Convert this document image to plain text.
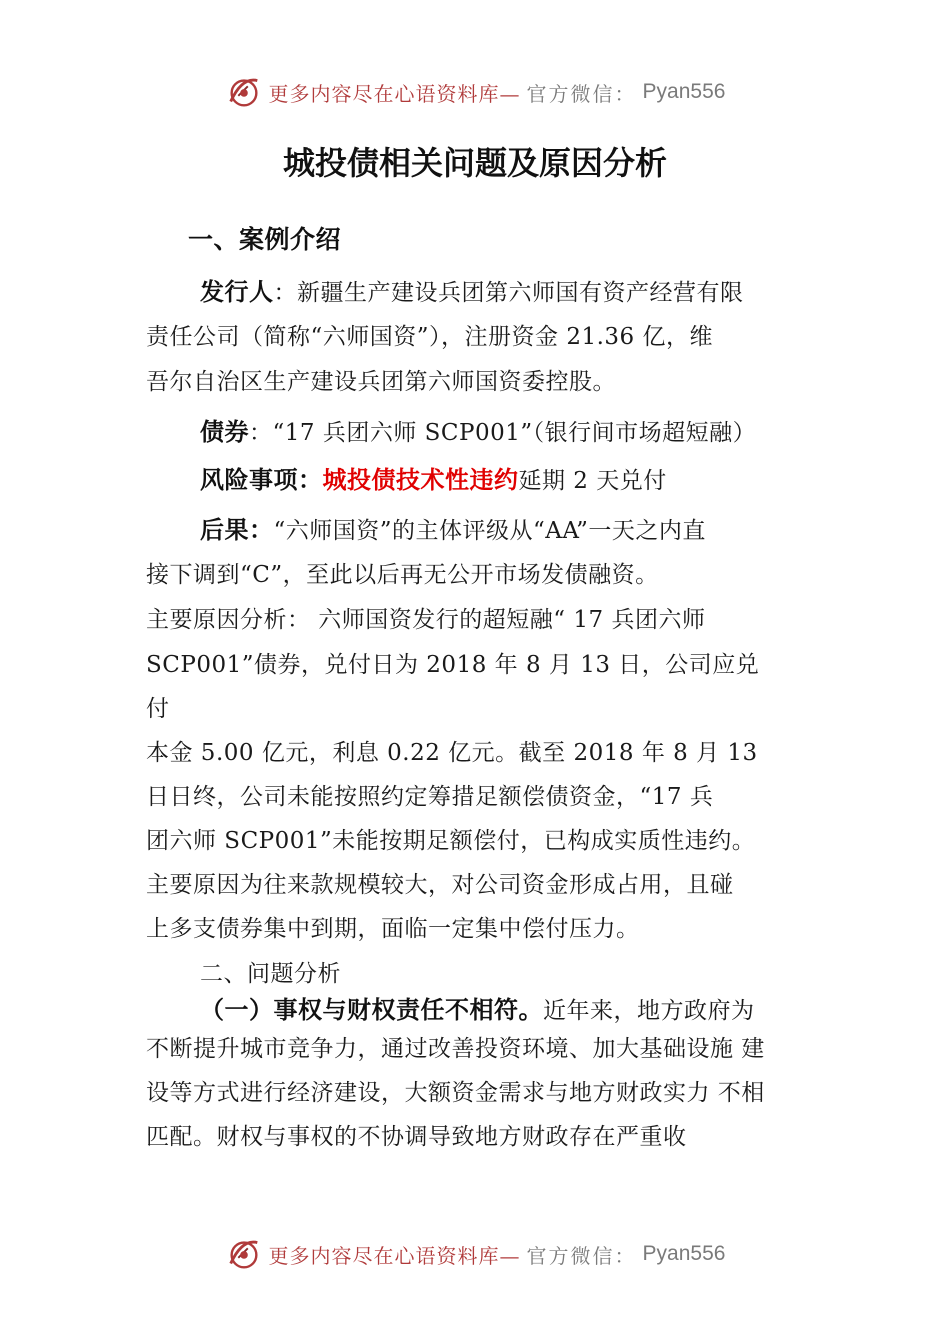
更多内容尽在心语资料库— 官方微信： Pyan556
城投债相关问题及原因分析
一、案例介绍
发行人：新疆生产建设兵团第六师国有资产经营有限
责任公司（简称“六师国资”），注册资金 21.36 亿，维
吾尔自治区生产建设兵团第六师国资委控股。
债券：“17 兵团六师 SCP001”（银行间市场超短融）
风险事项：城投债技术性违约延期 2 天兑付
后果：“六师国资”的主体评级从“AA”一天之内直
接下调到“C”，至此以后再无公开市场发债融资。
主要原因分析： 六师国资发行的超短融“ 17 兵团六师
SCP001”债券，兑付日为 2018 年 8 月 13 日，公司应兑
付
本金 5.00 亿元，利息 0.22 亿元。截至 2018 年 8 月 13
日日终，公司未能按照约定筹措足额偿债资金，“17 兵
团六师 SCP001”未能按期足额偿付，已构成实质性违约。
主要原因为往来款规模较大，对公司资金形成占用，且碰
上多支债券集中到期，面临一定集中偿付压力。
二、问题分析
（一）事权与财权责任不相符。近年来，地方政府为
不断提升城市竞争力，通过改善投资环境、加大基础设施 建
设等方式进行经济建设，大额资金需求与地方财政实力 不相
匹配。财权与事权的不协调导致地方财政存在严重收
更多内容尽在心语资料库— 官方微信： Pyan556
